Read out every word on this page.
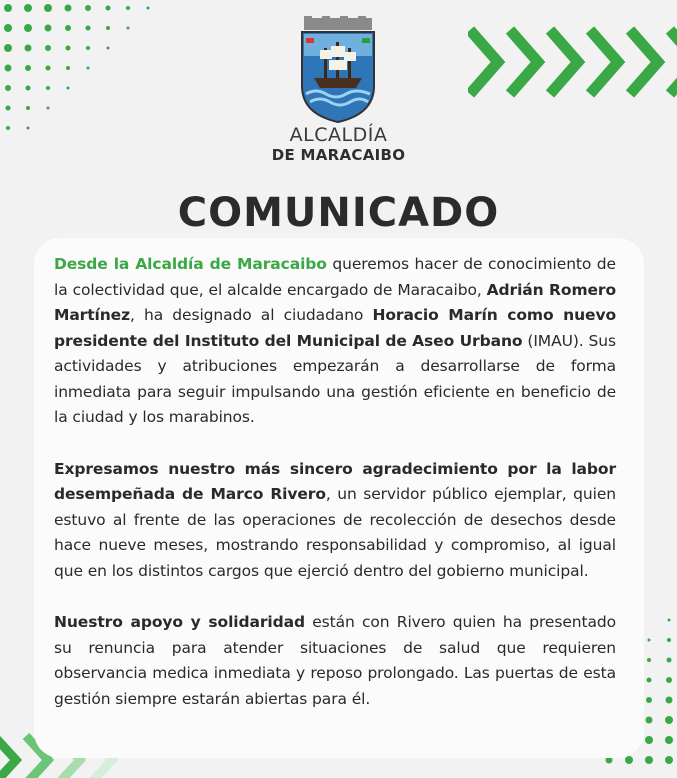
ALCALDÍA
DE MARACAIBO
COMUNICADO

Desde la Alcaldía de Maracaibo queremos hacer de conocimiento de la colectividad que, el alcalde encargado de Maracaibo, Adrián Romero Martínez, ha designado al ciudadano Horacio Marín como nuevo presidente del Instituto del Municipal de Aseo Urbano (IMAU). Sus actividades y atribuciones empezarán a desarrollarse de forma inmediata para seguir impulsando una gestión eficiente en beneficio de la ciudad y los marabinos.

Expresamos nuestro más sincero agradecimiento por la labor desempeñada de Marco Rivero, un servidor público ejemplar, quien estuvo al frente de las operaciones de recolección de desechos desde hace nueve meses, mostrando responsabilidad y compromiso, al igual que en los distintos cargos que ejerció dentro del gobierno municipal.

Nuestro apoyo y solidaridad están con Rivero quien ha presentado su renuncia para atender situaciones de salud que requieren observancia medica inmediata y reposo prolongado. Las puertas de esta gestión siempre estarán abiertas para él.
